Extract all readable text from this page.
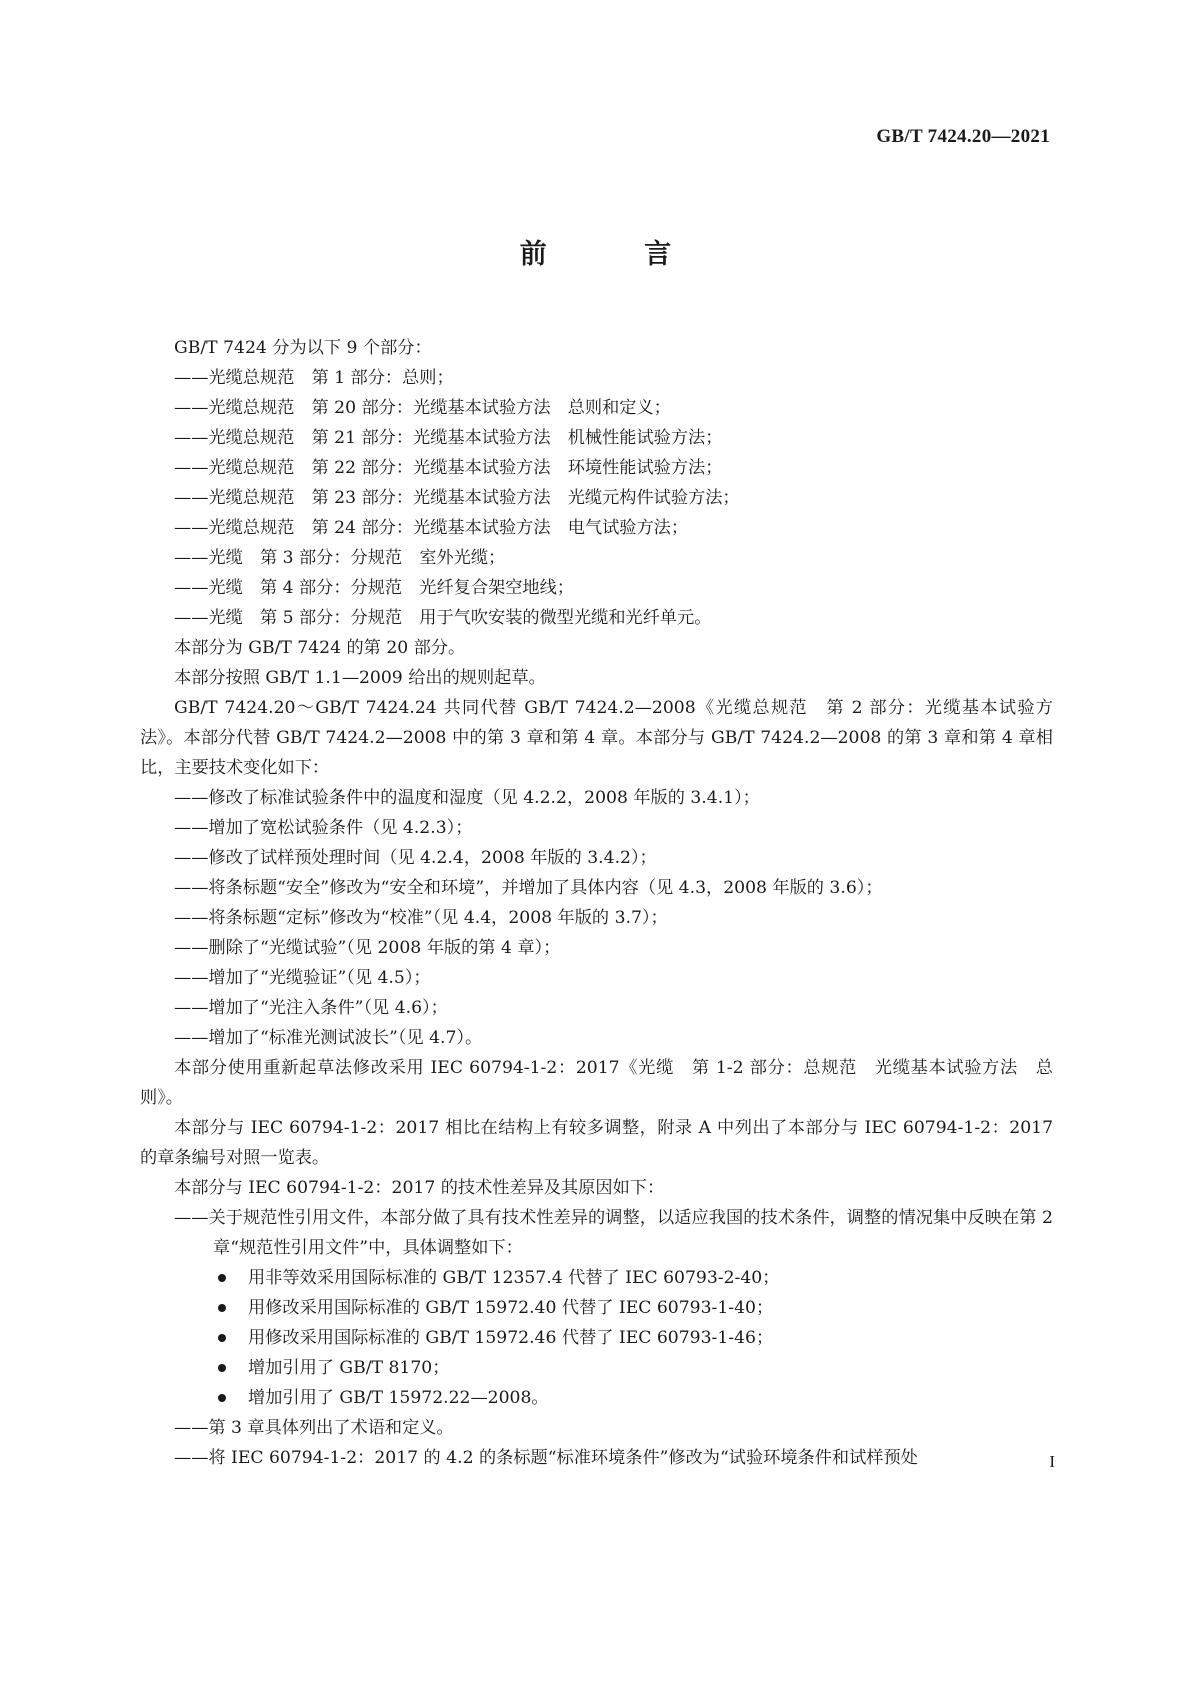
GB/T 7424.20—2021
前 言

GB/T 7424 分为以下 9 个部分：

——光缆总规范　第 1 部分：总则；

——光缆总规范　第 20 部分：光缆基本试验方法　总则和定义；

——光缆总规范　第 21 部分：光缆基本试验方法　机械性能试验方法；

——光缆总规范　第 22 部分：光缆基本试验方法　环境性能试验方法；

——光缆总规范　第 23 部分：光缆基本试验方法　光缆元构件试验方法；

——光缆总规范　第 24 部分：光缆基本试验方法　电气试验方法；

——光缆　第 3 部分：分规范　室外光缆；

——光缆　第 4 部分：分规范　光纤复合架空地线；

——光缆　第 5 部分：分规范　用于气吹安装的微型光缆和光纤单元。

本部分为 GB/T 7424 的第 20 部分。

本部分按照 GB/T 1.1—2009 给出的规则起草。

GB/T 7424.20～GB/T 7424.24 共同代替 GB/T 7424.2—2008《光缆总规范　第 2 部分：光缆基本试验方法》。本部分代替 GB/T 7424.2—2008 中的第 3 章和第 4 章。本部分与 GB/T 7424.2—2008 的第 3 章和第 4 章相比，主要技术变化如下：

——修改了标准试验条件中的温度和湿度（见 4.2.2，2008 年版的 3.4.1）；

——增加了宽松试验条件（见 4.2.3）；

——修改了试样预处理时间（见 4.2.4，2008 年版的 3.4.2）；

——将条标题“安全”修改为“安全和环境”，并增加了具体内容（见 4.3，2008 年版的 3.6）；

——将条标题“定标”修改为“校准”（见 4.4，2008 年版的 3.7）；

——删除了“光缆试验”（见 2008 年版的第 4 章）；

——增加了“光缆验证”（见 4.5）；

——增加了“光注入条件”（见 4.6）；

——增加了“标准光测试波长”（见 4.7）。

本部分使用重新起草法修改采用 IEC 60794-1-2：2017《光缆　第 1-2 部分：总规范　光缆基本试验方法　总则》。

本部分与 IEC 60794-1-2：2017 相比在结构上有较多调整，附录 A 中列出了本部分与 IEC 60794-1-2：2017 的章条编号对照一览表。

本部分与 IEC 60794-1-2：2017 的技术性差异及其原因如下：

——关于规范性引用文件，本部分做了具有技术性差异的调整，以适应我国的技术条件，调整的情况集中反映在第 2 章“规范性引用文件”中，具体调整如下：

用非等效采用国际标准的 GB/T 12357.4 代替了 IEC 60793-2-40；

用修改采用国际标准的 GB/T 15972.40 代替了 IEC 60793-1-40；

用修改采用国际标准的 GB/T 15972.46 代替了 IEC 60793-1-46；

增加引用了 GB/T 8170；

增加引用了 GB/T 15972.22—2008。

——第 3 章具体列出了术语和定义。

——将 IEC 60794-1-2：2017 的 4.2 的条标题“标准环境条件”修改为“试验环境条件和试样预处	I
